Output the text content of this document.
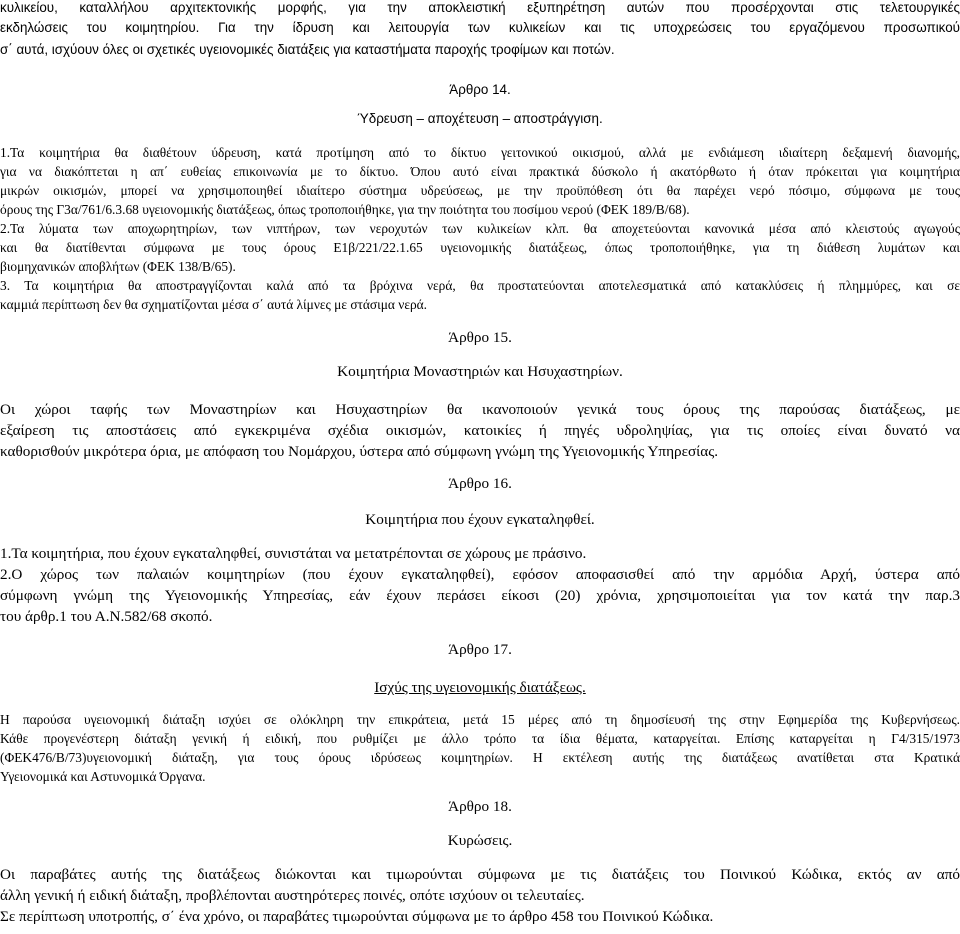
κυλικείου, καταλλήλου αρχιτεκτονικής μορφής, για την αποκλειστική εξυπηρέτηση αυτών που προσέρχονται στις τελετουργικές

εκδηλώσεις του κοιμητηρίου. Για την ίδρυση και λειτουργία των κυλικείων και τις υποχρεώσεις του εργαζόμενου προσωπικού

σ΄ αυτά, ισχύουν όλες οι σχετικές υγειονομικές διατάξεις για καταστήματα παροχής τροφίμων και ποτών.

Άρθρο 14.

Ύδρευση – αποχέτευση – αποστράγγιση.

1.Τα κοιμητήρια θα διαθέτουν ύδρευση, κατά προτίμηση από το δίκτυο γειτονικού οικισμού, αλλά με ενδιάμεση ιδιαίτερη δεξαμενή διανομής,

για να διακόπτεται η απ΄ ευθείας επικοινωνία με το δίκτυο. Όπου αυτό είναι πρακτικά δύσκολο ή ακατόρθωτο ή όταν πρόκειται για κοιμητήρια

μικρών οικισμών, μπορεί να χρησιμοποιηθεί ιδιαίτερο σύστημα υδρεύσεως, με την προϋπόθεση ότι θα παρέχει νερό πόσιμο, σύμφωνα με τους

όρους της Γ3α/761/6.3.68 υγειονομικής διατάξεως, όπως τροποποιήθηκε, για την ποιότητα του ποσίμου νερού (ΦΕΚ 189/Β/68).

2.Τα λύματα των αποχωρητηρίων, των νιπτήρων, των νεροχυτών των κυλικείων κλπ. θα αποχετεύονται κανονικά μέσα από κλειστούς αγωγούς

και θα διατίθενται σύμφωνα με τους όρους Ε1β/221/22.1.65 υγειονομικής διατάξεως, όπως τροποποιήθηκε, για τη διάθεση λυμάτων και

βιομηχανικών αποβλήτων (ΦΕΚ 138/Β/65).

3. Τα κοιμητήρια θα αποστραγγίζονται καλά από τα βρόχινα νερά, θα προστατεύονται αποτελεσματικά από κατακλύσεις ή πλημμύρες, και σε

καμμιά περίπτωση δεν θα σχηματίζονται μέσα σ΄ αυτά λίμνες με στάσιμα νερά.

Άρθρο 15.

Κοιμητήρια Μοναστηριών και Ησυχαστηρίων.

Οι χώροι ταφής των Μοναστηρίων και Ησυχαστηρίων θα ικανοποιούν γενικά τους όρους της παρούσας διατάξεως, με

εξαίρεση τις αποστάσεις από εγκεκριμένα σχέδια οικισμών, κατοικίες ή πηγές υδροληψίας, για τις οποίες είναι δυνατό να

καθορισθούν μικρότερα όρια, με απόφαση του Νομάρχου, ύστερα από σύμφωνη γνώμη της Υγειονομικής Υπηρεσίας.

Άρθρο 16.

Κοιμητήρια που έχουν εγκαταληφθεί.

1.Τα κοιμητήρια, που έχουν εγκαταληφθεί, συνιστάται να μετατρέπονται σε χώρους με πράσινο.

2.Ο χώρος των παλαιών κοιμητηρίων (που έχουν εγκαταληφθεί), εφόσον αποφασισθεί από την αρμόδια Αρχή, ύστερα από

σύμφωνη γνώμη της Υγειονομικής Υπηρεσίας, εάν έχουν περάσει είκοσι (20) χρόνια, χρησιμοποιείται για τον κατά την παρ.3

του άρθρ.1 του Α.Ν.582/68 σκοπό.

Άρθρο 17.

Ισχύς της υγειονομικής διατάξεως.

Η παρούσα υγειονομική διάταξη ισχύει σε ολόκληρη την επικράτεια, μετά 15 μέρες από τη δημοσίευσή της στην Εφημερίδα της Κυβερνήσεως.

Κάθε προγενέστερη διάταξη γενική ή ειδική, που ρυθμίζει με άλλο τρόπο τα ίδια θέματα, καταργείται. Επίσης καταργείται η Γ4/315/1973

(ΦΕΚ476/Β/73)υγειονομική διάταξη, για τους όρους ιδρύσεως κοιμητηρίων. Η εκτέλεση αυτής της διατάξεως ανατίθεται στα Κρατικά

Υγειονομικά και Αστυνομικά Όργανα.

Άρθρο 18.

Κυρώσεις.

Οι παραβάτες αυτής της διατάξεως διώκονται και τιμωρούνται σύμφωνα με τις διατάξεις του Ποινικού Κώδικα, εκτός αν από

άλλη γενική ή ειδική διάταξη, προβλέπονται αυστηρότερες ποινές, οπότε ισχύουν οι τελευταίες.

Σε περίπτωση υποτροπής, σ΄ ένα χρόνο, οι παραβάτες τιμωρούνται σύμφωνα με το άρθρο 458 του Ποινικού Κώδικα.
